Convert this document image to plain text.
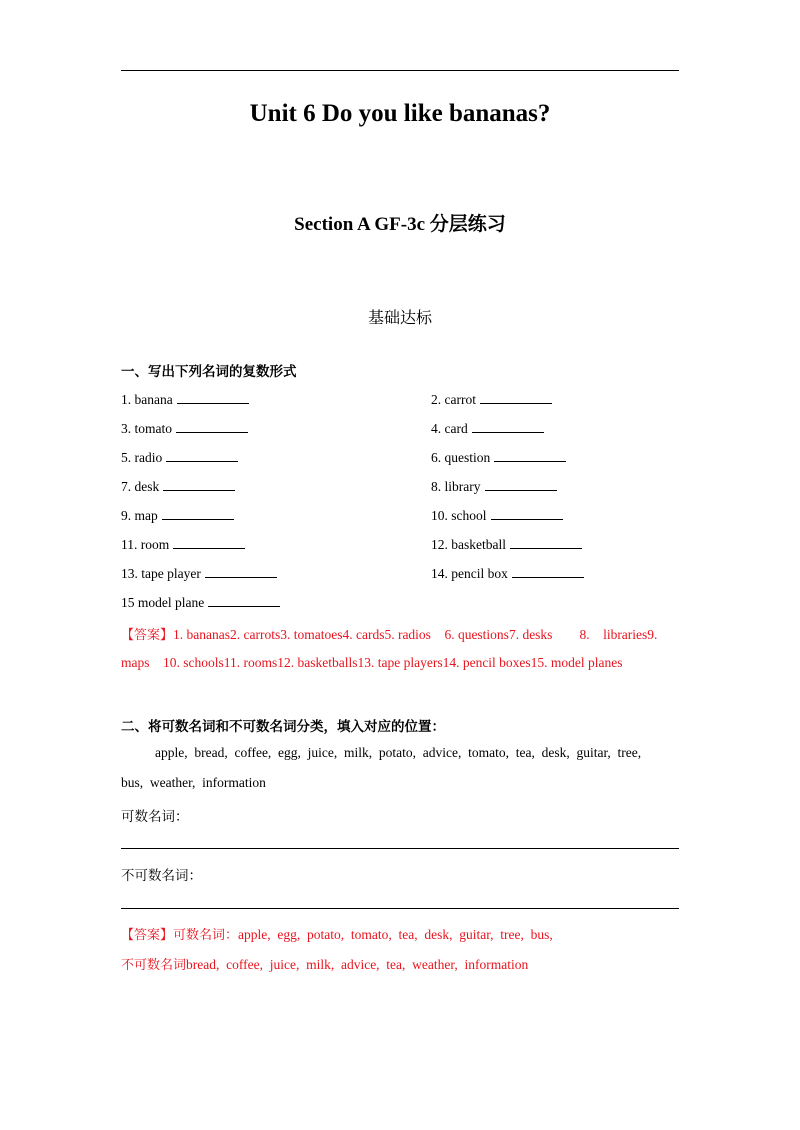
Unit 6 Do you like bananas?
Section A GF-3c 分层练习
基础达标
一、写出下列名词的复数形式
1. banana
3. tomato
5. radio
7. desk
9. map
11. room
13. tape player
15 model plane
2. carrot
4. card
6. question
8. library
10. school
12. basketball
14. pencil box
【答案】1. bananas2. carrots3. tomatoes4. cards5. radios    6. questions7. desks        8.    libraries9.
maps    10. schools11. rooms12. basketballs13. tape players14. pencil boxes15. model planes
二、将可数名词和不可数名词分类，填入对应的位置：
apple,  bread,  coffee,  egg,  juice,  milk,  potato,  advice,  tomato,  tea,  desk,  guitar,  tree,
bus,  weather,  information
可数名词：
不可数名词：
【答案】可数名词：apple,  egg,  potato,  tomato,  tea,  desk,  guitar,  tree,  bus,
不可数名词bread,  coffee,  juice,  milk,  advice,  tea,  weather,  information
